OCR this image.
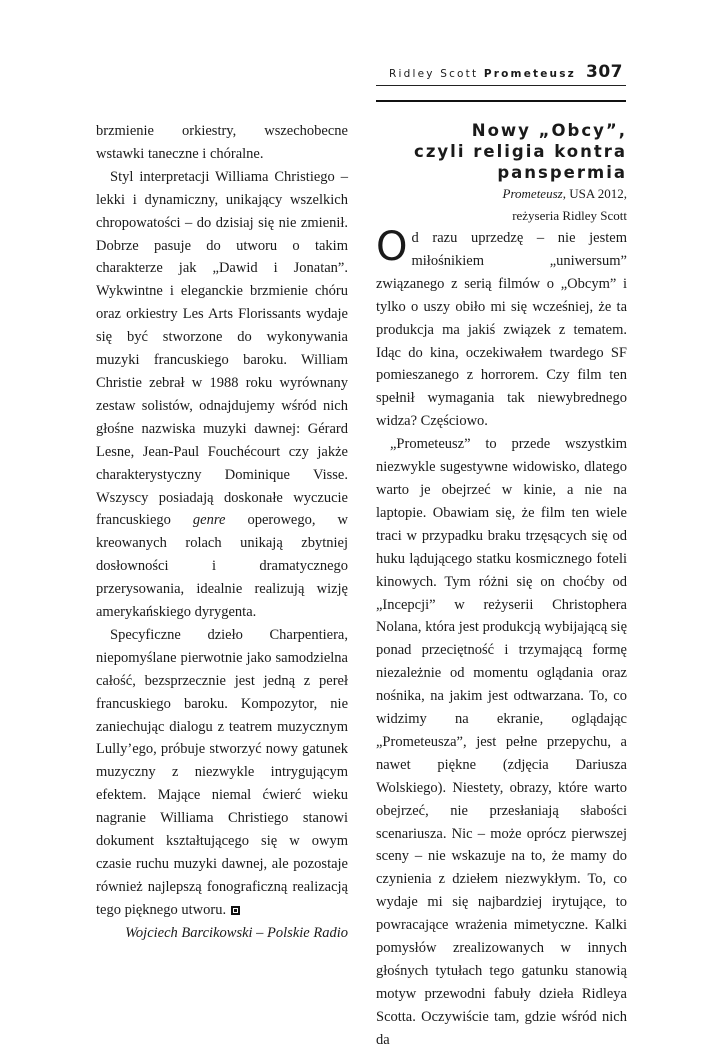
Ridley Scott Prometeusz 307

brzmienie orkiestry, wszechobecne wstawki taneczne i chóralne.

Styl interpretacji Williama Christiego – lekki i dynamiczny, unikający wszelkich chropowatości – do dzisiaj się nie zmienił. Dobrze pasuje do utworu o takim charakterze jak „Dawid i Jonatan”. Wykwintne i eleganckie brzmienie chóru oraz orkiestry Les Arts Florissants wydaje się być stworzone do wykonywania muzyki francuskiego baroku. William Christie zebrał w 1988 roku wyrównany zestaw solistów, odnajdujemy wśród nich głośne nazwiska muzyki dawnej: Gérard Lesne, Jean-Paul Fouchécourt czy jakże charakterystyczny Dominique Visse. Wszyscy posiadają doskonałe wyczucie francuskiego genre operowego, w kreowanych rolach unikają zbytniej dosłowności i dramatycznego przerysowania, idealnie realizują wizję amerykańskiego dyrygenta.

Specyficzne dzieło Charpentiera, niepomyślane pierwotnie jako samodzielna całość, bezsprzecznie jest jedną z pereł francuskiego baroku. Kompozytor, nie zaniechując dialogu z teatrem muzycznym Lully’ego, próbuje stworzyć nowy gatunek muzyczny z niezwykle intrygującym efektem. Mające niemal ćwierć wieku nagranie Williama Christiego stanowi dokument kształtującego się w owym czasie ruchu muzyki dawnej, ale pozostaje również najlepszą fonograficzną realizacją tego pięknego utworu.

Wojciech Barcikowski – Polskie Radio

Nowy „Obcy”,
czyli religia kontra
panspermia

Prometeusz, USA 2012,

reżyseria Ridley Scott

Od razu uprzedzę – nie jestem miłośnikiem „uniwersum” związanego z serią filmów o „Obcym” i tylko o uszy obiło mi się wcześniej, że ta produkcja ma jakiś związek z tematem. Idąc do kina, oczekiwałem twardego SF pomieszanego z horrorem. Czy film ten spełnił wymagania tak niewybrednego widza? Częściowo.

„Prometeusz” to przede wszystkim niezwykle sugestywne widowisko, dlatego warto je obejrzeć w kinie, a nie na laptopie. Obawiam się, że film ten wiele traci w przypadku braku trzęsących się od huku lądującego statku kosmicznego foteli kinowych. Tym różni się on choćby od „Incepcji” w reżyserii Christophera Nolana, która jest produkcją wybijającą się ponad przeciętność i trzymającą formę niezależnie od momentu oglądania oraz nośnika, na jakim jest odtwarzana. To, co widzimy na ekranie, oglądając „Prometeusza”, jest pełne przepychu, a nawet piękne (zdjęcia Dariusza Wolskiego). Niestety, obrazy, które warto obejrzeć, nie przesłaniają słabości scenariusza. Nic – może oprócz pierwszej sceny – nie wskazuje na to, że mamy do czynienia z dziełem niezwykłym. To, co wydaje mi się najbardziej irytujące, to powracające wrażenia mimetyczne. Kalki pomysłów zrealizowanych w innych głośnych tytułach tego gatunku stanowią motyw przewodni fabuły dzieła Ridleya Scotta. Oczywiście tam, gdzie wśród nich da
